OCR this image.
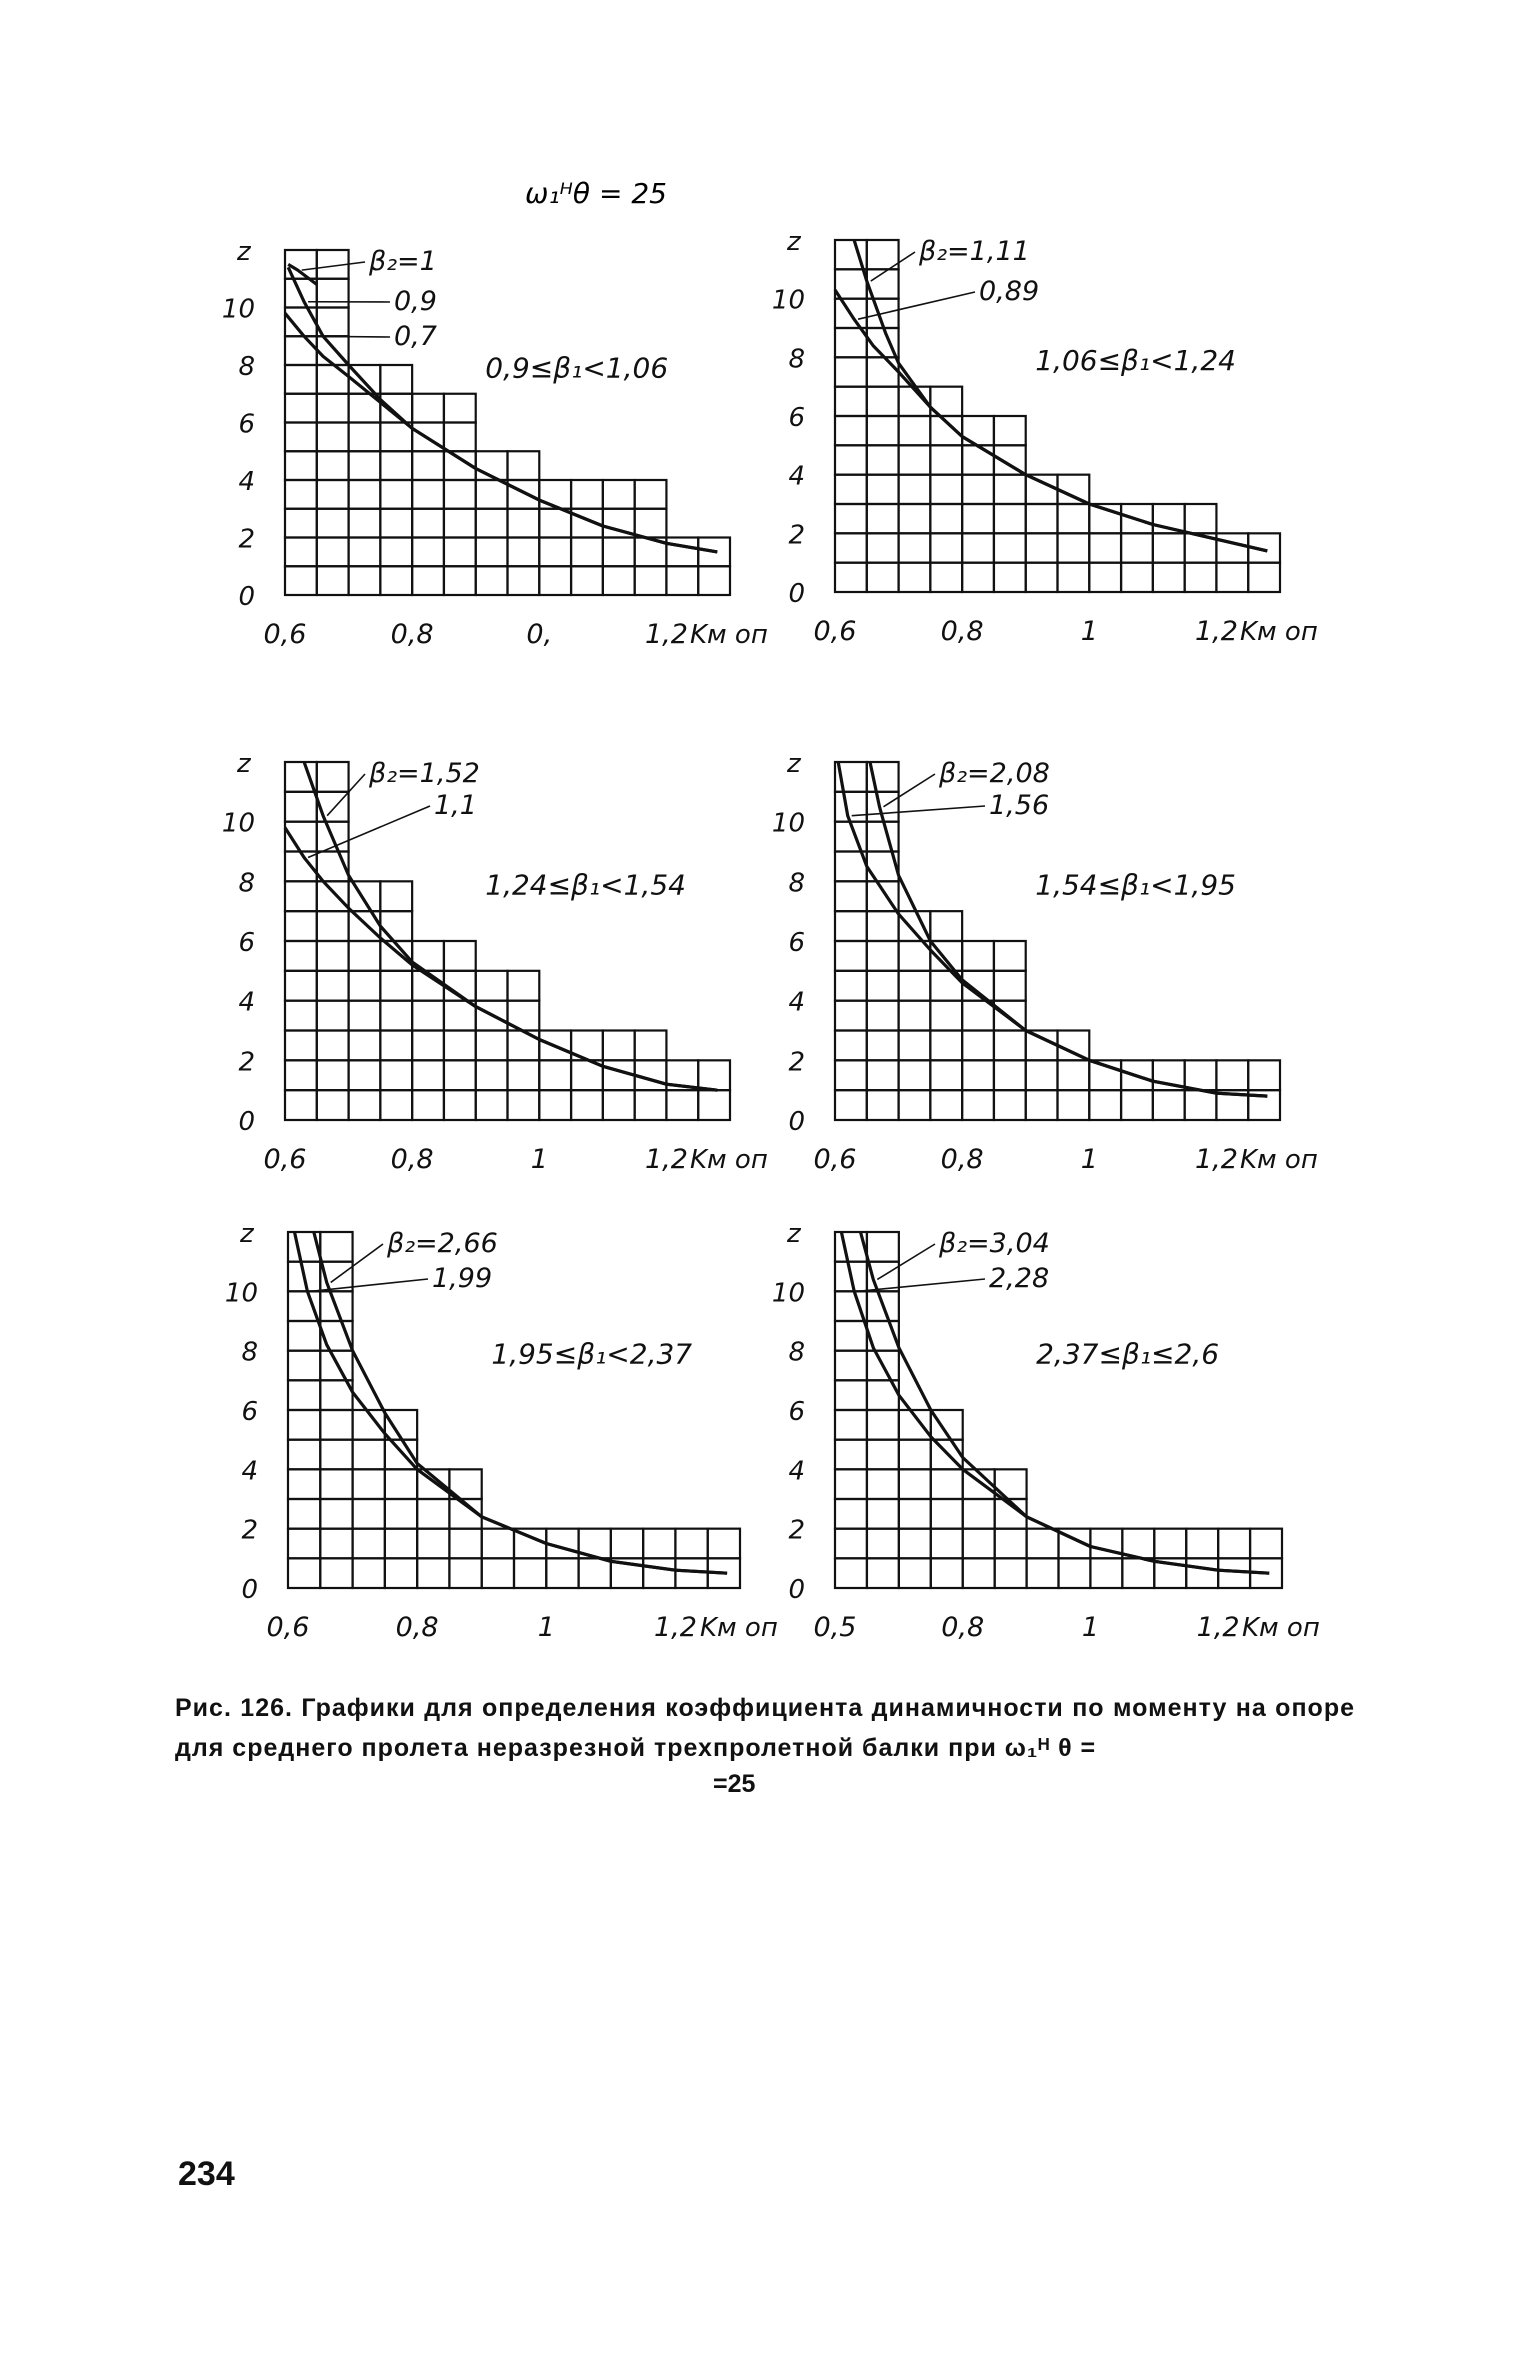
ω₁ᴴθ = 25
0
2
4
6
8
10
0,6	0,8	0,	1,2
z
Kм оп
0,9≤β₁<1,06
β₂=1
0,9
0,7
0
2
4
6
8
10
0,6	0,8	1	1,2
z
Kм оп
1,06≤β₁<1,24
β₂=1,11
0,89
0
2
4
6
8
10
0,6	0,8	1	1,2
z
Kм оп
1,24≤β₁<1,54
β₂=1,52
1,1
0
2
4
6
8
10
0,6	0,8	1	1,2
z
Kм оп
1,54≤β₁<1,95
β₂=2,08
1,56
0
2
4
6
8
10
0,6	0,8	1	1,2
z
Kм оп
1,95≤β₁<2,37
β₂=2,66
1,99
0
2
4
6
8
10
0,5	0,8	1	1,2
z
Kм оп
2,37≤β₁≤2,6
β₂=3,04
2,28
Рис. 126. Графики для определения коэффициента динамичности по моменту на опоре для среднего пролета неразрезной трехпролетной балки при ω₁ᴴ θ =
=25
234
